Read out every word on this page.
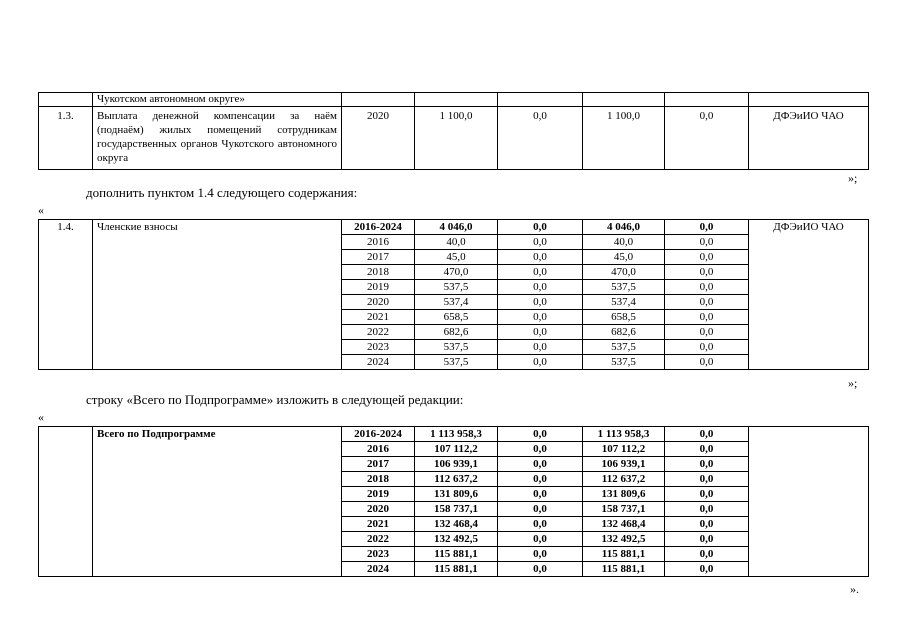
	Чукотском автономном округе»						
1.3.	Выплата денежной компенсации за наём (поднаём) жилых помещений сотрудникам государственных органов Чукотского автономного округа	2020	1 100,0	0,0	1 100,0	0,0	ДФЭиИО ЧАО
»;
дополнить пунктом 1.4 следующего содержания:
«
1.4.	Членские взносы	2016-2024	4 046,0	0,0	4 046,0	0,0	ДФЭиИО ЧАО
		2016	40,0	0,0	40,0	0,0	
		2017	45,0	0,0	45,0	0,0	
		2018	470,0	0,0	470,0	0,0	
		2019	537,5	0,0	537,5	0,0	
		2020	537,4	0,0	537,4	0,0	
		2021	658,5	0,0	658,5	0,0	
		2022	682,6	0,0	682,6	0,0	
		2023	537,5	0,0	537,5	0,0	
		2024	537,5	0,0	537,5	0,0	
»;
строку «Всего по Подпрограмме» изложить в следующей редакции:
«
	Всего по Подпрограмме	2016-2024	1 113 958,3	0,0	1 113 958,3	0,0	
		2016	107 112,2	0,0	107 112,2	0,0	
		2017	106 939,1	0,0	106 939,1	0,0	
		2018	112 637,2	0,0	112 637,2	0,0	
		2019	131 809,6	0,0	131 809,6	0,0	
		2020	158 737,1	0,0	158 737,1	0,0	
		2021	132 468,4	0,0	132 468,4	0,0	
		2022	132 492,5	0,0	132 492,5	0,0	
		2023	115 881,1	0,0	115 881,1	0,0	
		2024	115 881,1	0,0	115 881,1	0,0	
».
